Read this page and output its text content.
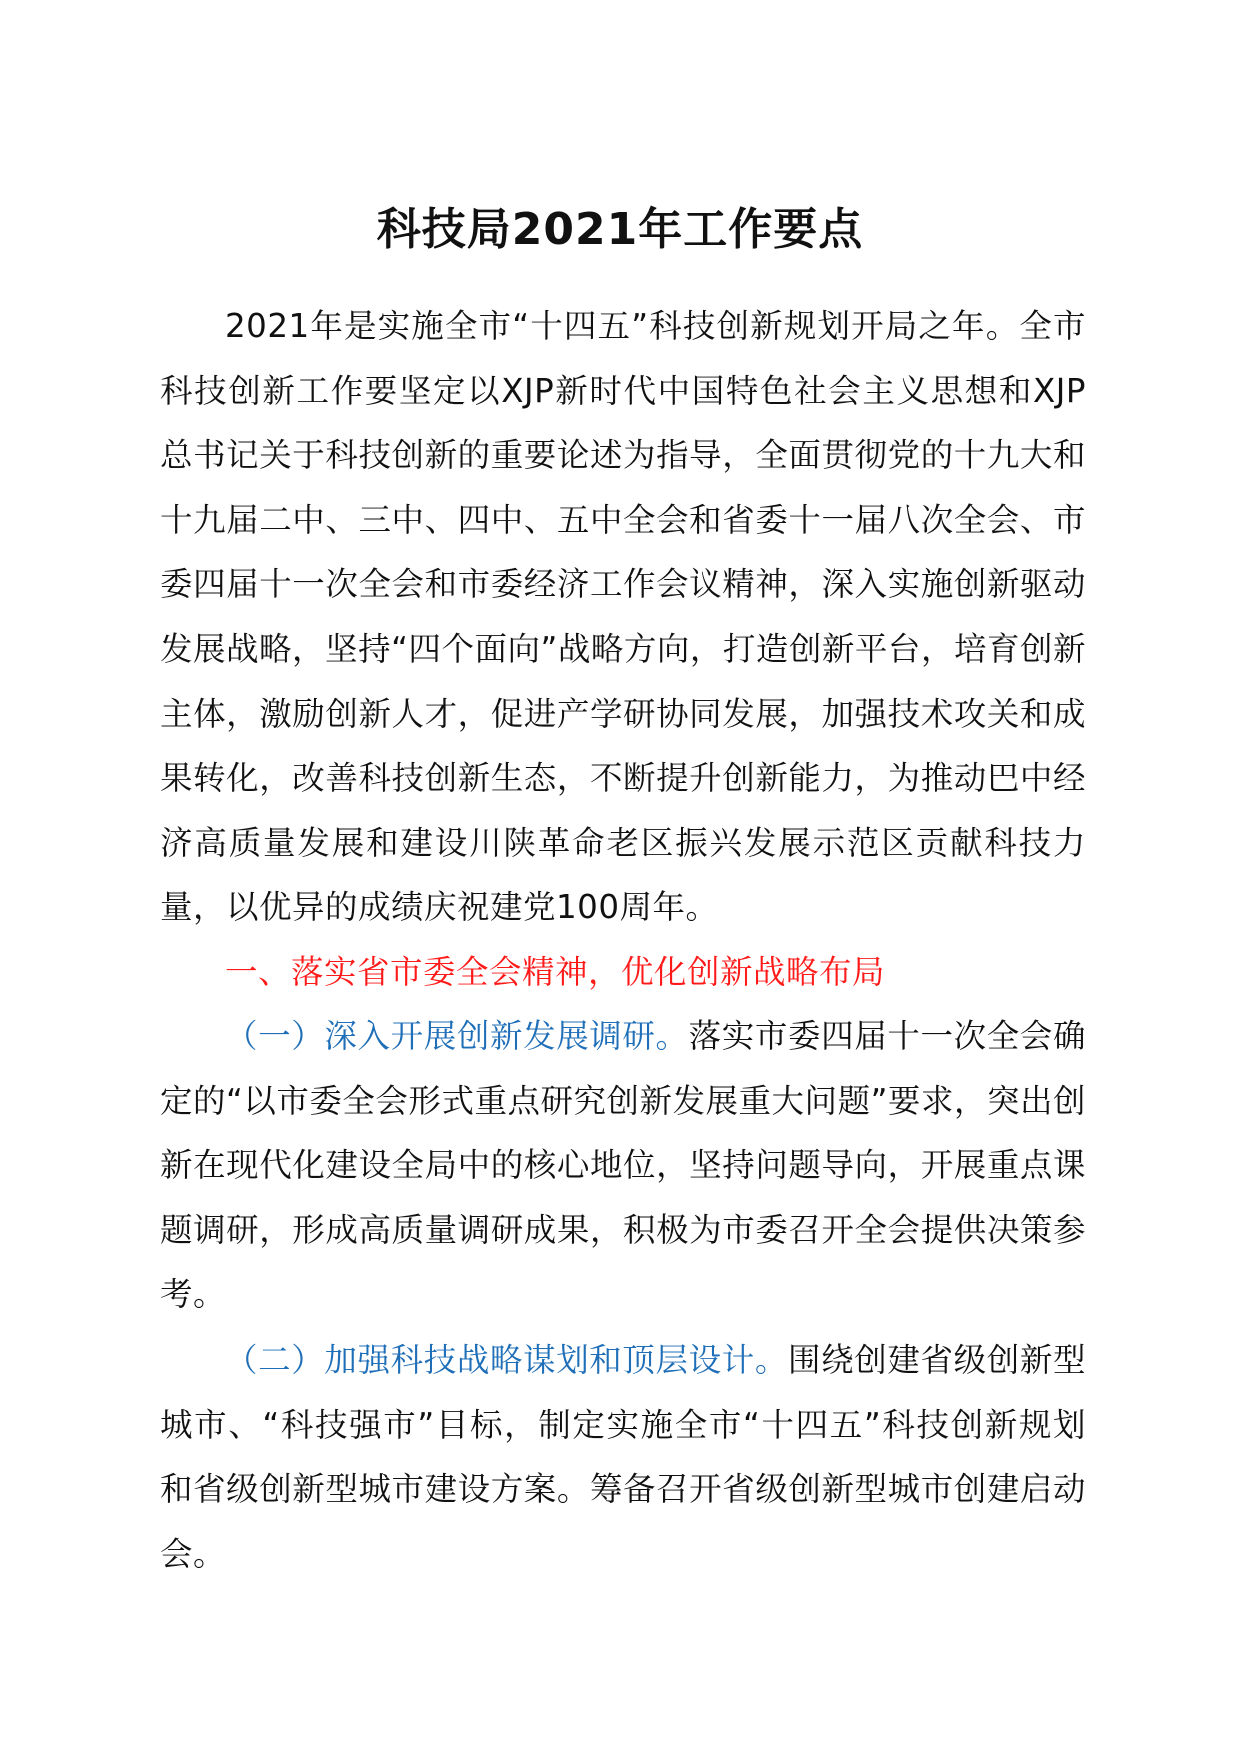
科技局2021年工作要点

2021年是实施全市“十四五”科技创新规划开局之年。全市科技创新工作要坚定以XJP新时代中国特色社会主义思想和XJP总书记关于科技创新的重要论述为指导，全面贯彻党的十九大和十九届二中、三中、四中、五中全会和省委十一届八次全会、市委四届十一次全会和市委经济工作会议精神，深入实施创新驱动发展战略，坚持“四个面向”战略方向，打造创新平台，培育创新主体，激励创新人才，促进产学研协同发展，加强技术攻关和成果转化，改善科技创新生态，不断提升创新能力，为推动巴中经济高质量发展和建设川陕革命老区振兴发展示范区贡献科技力量，以优异的成绩庆祝建党100周年。

一、落实省市委全会精神，优化创新战略布局

（一）深入开展创新发展调研。落实市委四届十一次全会确定的“以市委全会形式重点研究创新发展重大问题”要求，突出创新在现代化建设全局中的核心地位，坚持问题导向，开展重点课题调研，形成高质量调研成果，积极为市委召开全会提供决策参考。

（二）加强科技战略谋划和顶层设计。围绕创建省级创新型城市、“科技强市”目标，制定实施全市“十四五”科技创新规划和省级创新型城市建设方案。筹备召开省级创新型城市创建启动会。
